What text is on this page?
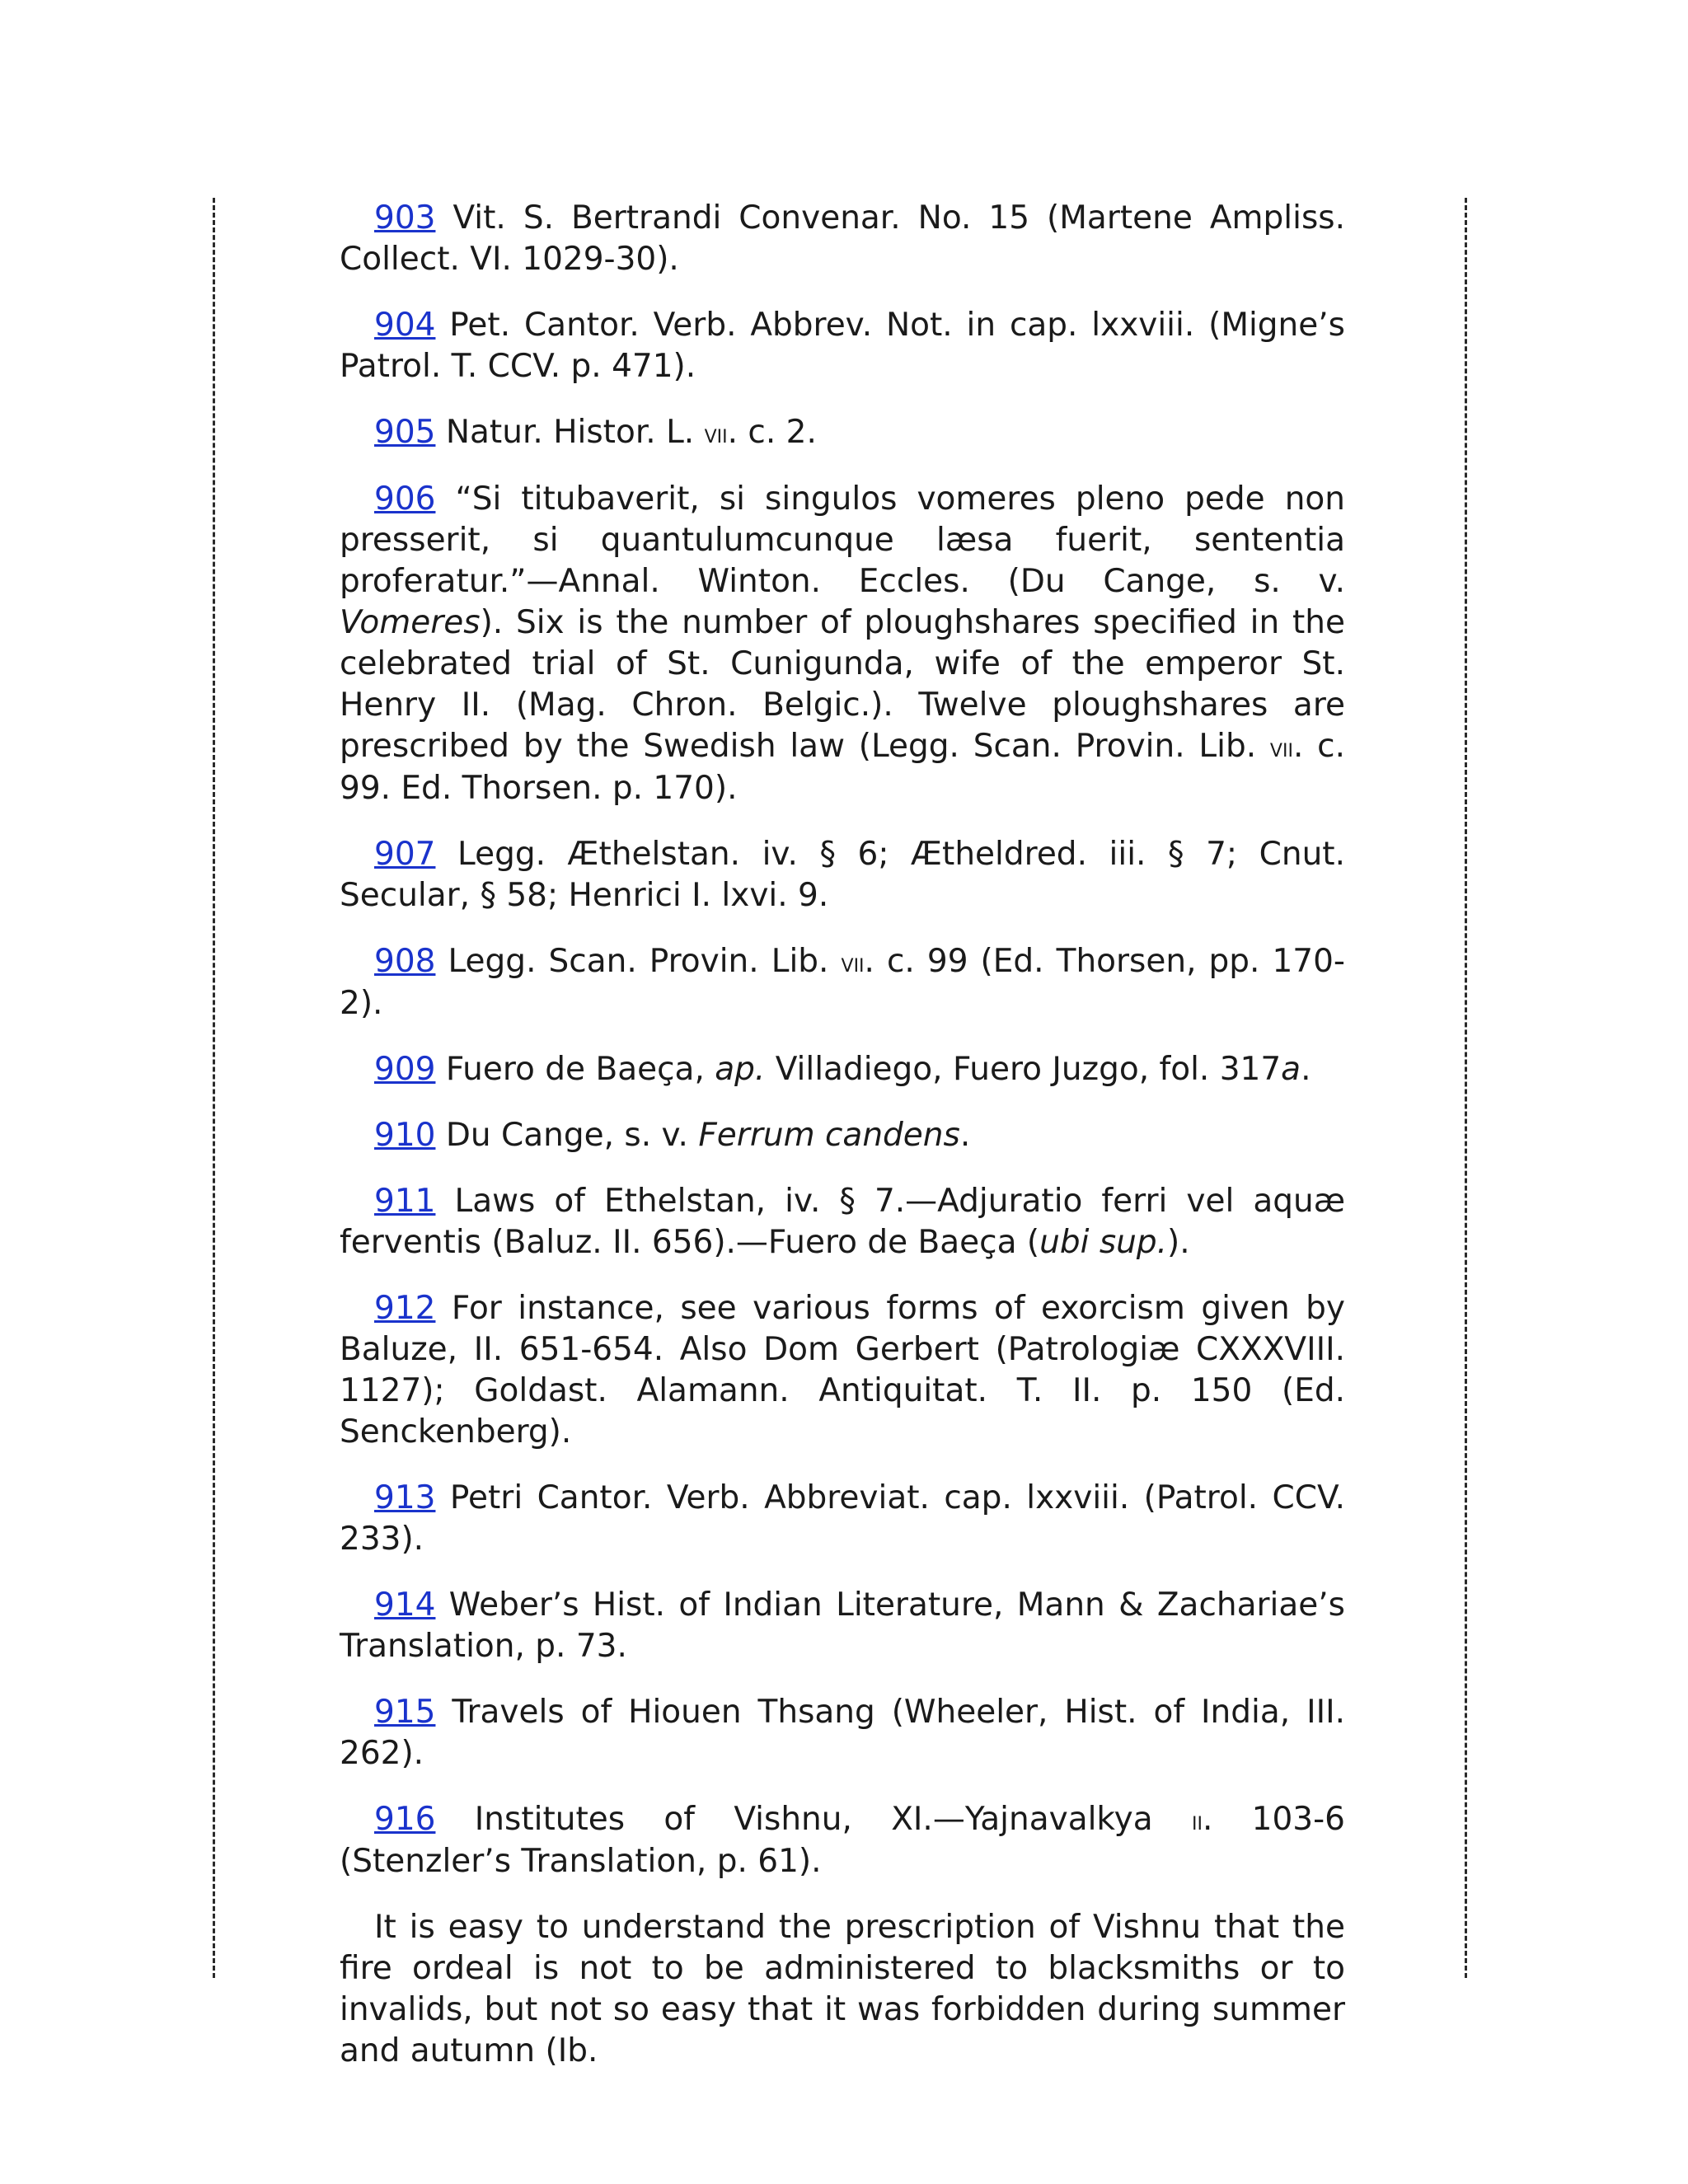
903 Vit. S. Bertrandi Convenar. No. 15 (Martene Ampliss. Collect. VI. 1029-30).

904 Pet. Cantor. Verb. Abbrev. Not. in cap. lxxviii. (Migne’s Patrol. T. CCV. p. 471).

905 Natur. Histor. L. vii. c. 2.

906 “Si titubaverit, si singulos vomeres pleno pede non presserit, si quantulumcunque læsa fuerit, sententia proferatur.”—Annal. Winton. Eccles. (Du Cange, s. v. Vomeres). Six is the number of ploughshares specified in the celebrated trial of St. Cunigunda, wife of the emperor St. Henry II. (Mag. Chron. Belgic.). Twelve ploughshares are prescribed by the Swedish law (Legg. Scan. Provin. Lib. vii. c. 99. Ed. Thorsen. p. 170).

907 Legg. Æthelstan. iv. § 6; Ætheldred. iii. § 7; Cnut. Secular, § 58; Henrici I. lxvi. 9.

908 Legg. Scan. Provin. Lib. vii. c. 99 (Ed. Thorsen, pp. 170-2).

909 Fuero de Baeça, ap. Villadiego, Fuero Juzgo, fol. 317a.

910 Du Cange, s. v. Ferrum candens.

911 Laws of Ethelstan, iv. § 7.—Adjuratio ferri vel aquæ ferventis (Baluz. II. 656).—Fuero de Baeça (ubi sup.).

912 For instance, see various forms of exorcism given by Baluze, II. 651-654. Also Dom Gerbert (Patrologiæ CXXXVIII. 1127); Goldast. Alamann. Antiquitat. T. II. p. 150 (Ed. Senckenberg).

913 Petri Cantor. Verb. Abbreviat. cap. lxxviii. (Patrol. CCV. 233).

914 Weber’s Hist. of Indian Literature, Mann & Zachariae’s Translation, p. 73.

915 Travels of Hiouen Thsang (Wheeler, Hist. of India, III. 262).

916 Institutes of Vishnu, XI.—Yajnavalkya ii. 103-6 (Stenzler’s Translation, p. 61).

It is easy to understand the prescription of Vishnu that the fire ordeal is not to be administered to blacksmiths or to invalids, but not so easy that it was forbidden during summer and autumn (Ib.
